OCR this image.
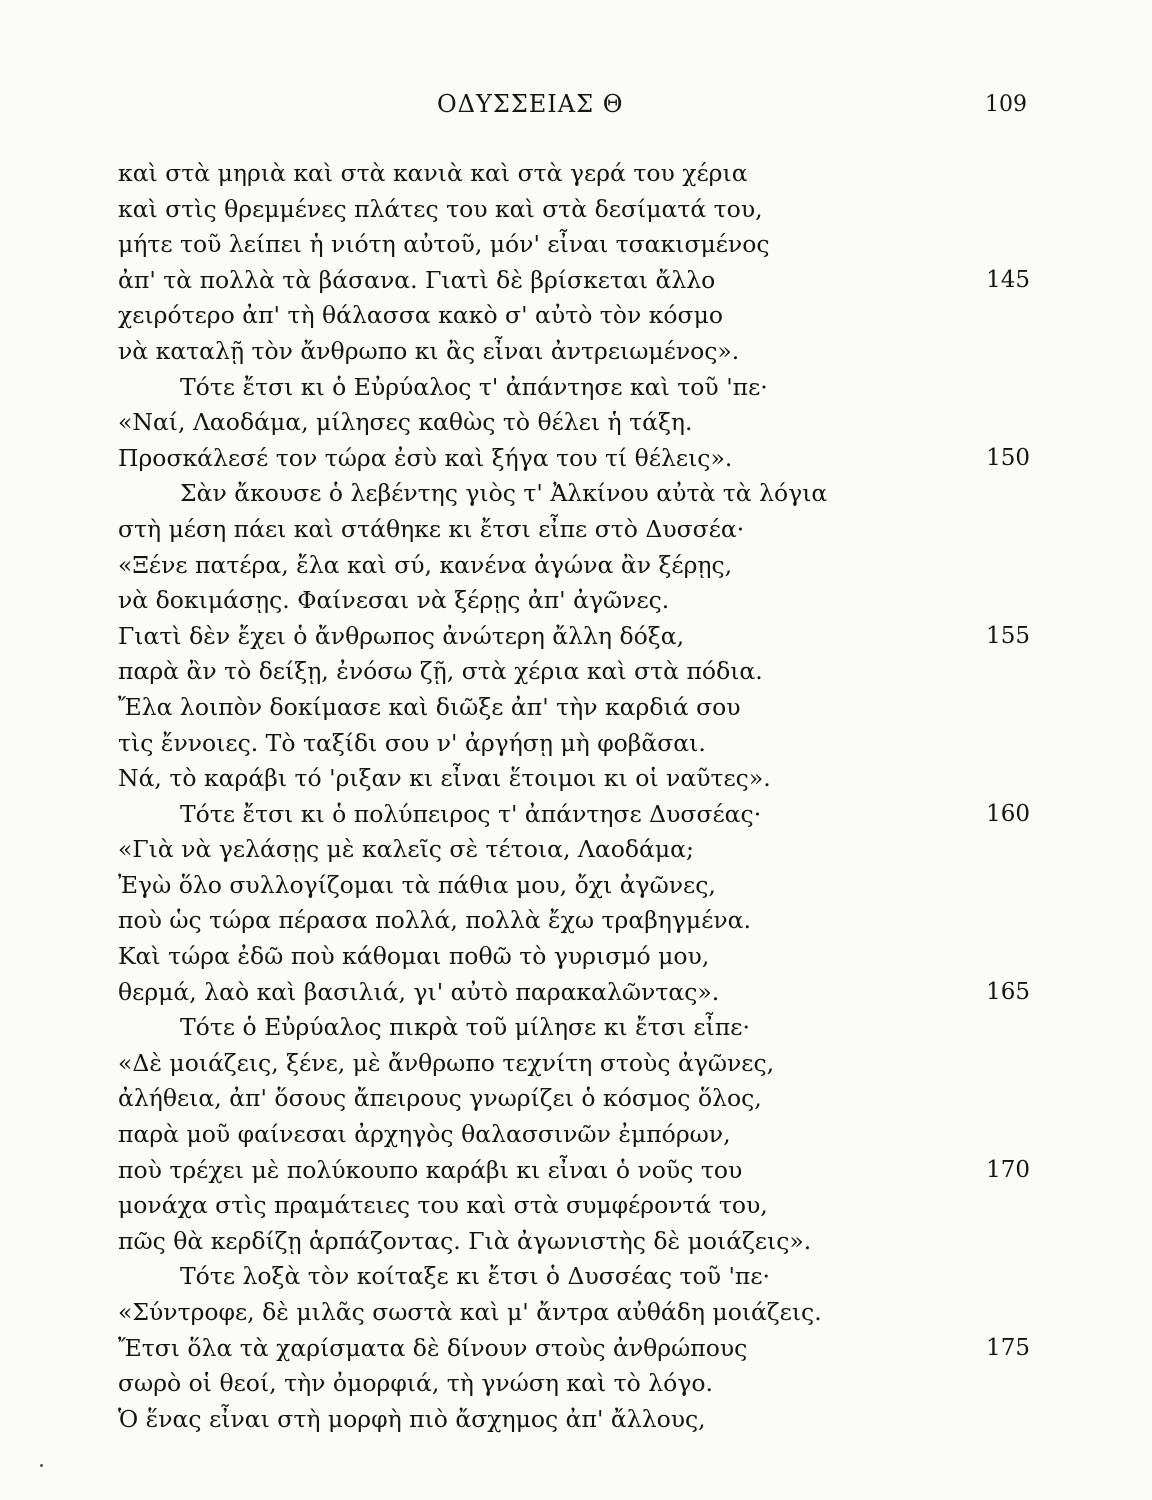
ΟΔΥΣΣΕΙΑΣ Θ	109
καὶ στὰ μηριὰ καὶ στὰ κανιὰ καὶ στὰ γερά του χέρια
καὶ στὶς θρεμμένες πλάτες του καὶ στὰ δεσίματά του,
μήτε τοῦ λείπει ἡ νιότη αὐτοῦ, μόν' εἶναι τσακισμένος
ἀπ' τὰ πολλὰ τὰ βάσανα. Γιατὶ δὲ βρίσκεται ἄλλο	145
χειρότερο ἀπ' τὴ θάλασσα κακὸ σ' αὐτὸ τὸν κόσμο
νὰ καταλῇ τὸν ἄνθρωπο κι ἂς εἶναι ἀντρειωμένος».
Τότε ἔτσι κι ὁ Εὐρύαλος τ' ἀπάντησε καὶ τοῦ 'πε·
«Ναί, Λαοδάμα, μίλησες καθὼς τὸ θέλει ἡ τάξη.
Προσκάλεσέ τον τώρα ἐσὺ καὶ ξήγα του τί θέλεις».	150
Σὰν ἄκουσε ὁ λεβέντης γιὸς τ' Ἀλκίνου αὐτὰ τὰ λόγια
στὴ μέση πάει καὶ στάθηκε κι ἔτσι εἶπε στὸ Δυσσέα·
«Ξένε πατέρα, ἔλα καὶ σύ, κανένα ἀγώνα ἂν ξέρῃς,
νὰ δοκιμάσῃς. Φαίνεσαι νὰ ξέρῃς ἀπ' ἀγῶνες.
Γιατὶ δὲν ἔχει ὁ ἄνθρωπος ἀνώτερη ἄλλη δόξα,	155
παρὰ ἂν τὸ δείξῃ, ἐνόσω ζῇ, στὰ χέρια καὶ στὰ πόδια.
Ἔλα λοιπὸν δοκίμασε καὶ διῶξε ἀπ' τὴν καρδιά σου
τὶς ἔννοιες. Τὸ ταξίδι σου ν' ἀργήσῃ μὴ φοβᾶσαι.
Νά, τὸ καράβι τό 'ριξαν κι εἶναι ἕτοιμοι κι οἱ ναῦτες».
Τότε ἔτσι κι ὁ πολύπειρος τ' ἀπάντησε Δυσσέας·	160
«Γιὰ νὰ γελάσῃς μὲ καλεῖς σὲ τέτοια, Λαοδάμα;
Ἐγὼ ὅλο συλλογίζομαι τὰ πάθια μου, ὄχι ἀγῶνες,
ποὺ ὡς τώρα πέρασα πολλά, πολλὰ ἔχω τραβηγμένα.
Καὶ τώρα ἐδῶ ποὺ κάθομαι ποθῶ τὸ γυρισμό μου,
θερμά, λαὸ καὶ βασιλιά, γι' αὐτὸ παρακαλῶντας».	165
Τότε ὁ Εὐρύαλος πικρὰ τοῦ μίλησε κι ἔτσι εἶπε·
«Δὲ μοιάζεις, ξένε, μὲ ἄνθρωπο τεχνίτη στοὺς ἀγῶνες,
ἀλήθεια, ἀπ' ὅσους ἄπειρους γνωρίζει ὁ κόσμος ὅλος,
παρὰ μοῦ φαίνεσαι ἀρχηγὸς θαλασσινῶν ἐμπόρων,
ποὺ τρέχει μὲ πολύκουπο καράβι κι εἶναι ὁ νοῦς του	170
μονάχα στὶς πραμάτειες του καὶ στὰ συμφέροντά του,
πῶς θὰ κερδίζῃ ἁρπάζοντας. Γιὰ ἀγωνιστὴς δὲ μοιάζεις».
Τότε λοξὰ τὸν κοίταξε κι ἔτσι ὁ Δυσσέας τοῦ 'πε·
«Σύντροφε, δὲ μιλᾶς σωστὰ καὶ μ' ἄντρα αὐθάδη μοιάζεις.
Ἔτσι ὅλα τὰ χαρίσματα δὲ δίνουν στοὺς ἀνθρώπους	175
σωρὸ οἱ θεοί, τὴν ὀμορφιά, τὴ γνώση καὶ τὸ λόγο.
Ὁ ἕνας εἶναι στὴ μορφὴ πιὸ ἄσχημος ἀπ' ἄλλους,
